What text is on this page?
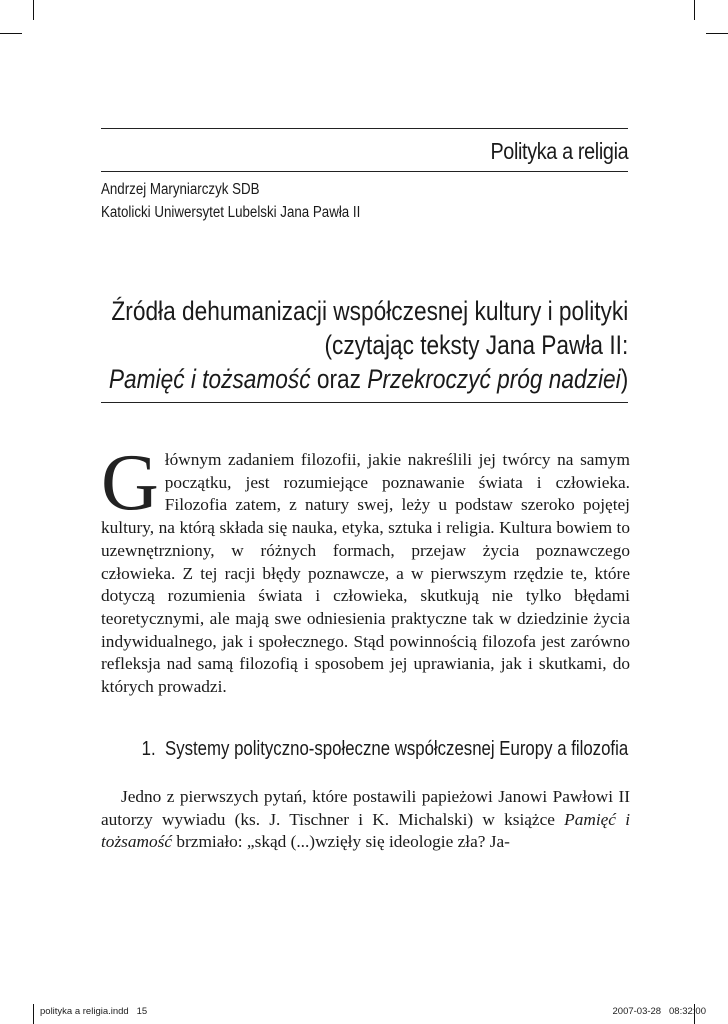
Polityka a religia
Andrzej Maryniarczyk SDB
Katolicki Uniwersytet Lubelski Jana Pawła II
Źródła dehumanizacji współczesnej kultury i polityki
(czytając teksty Jana Pawła II:
Pamięć i tożsamość oraz Przekroczyć próg nadziei)
Głównym zadaniem filozofii, jakie nakreślili jej twórcy na samym początku, jest rozumiejące poznawanie świata i człowieka. Filozofia zatem, z natury swej, leży u podstaw szeroko pojętej kultury, na którą składa się nauka, etyka, sztuka i religia. Kultura bowiem to uzewnętrzniony, w różnych formach, przejaw życia poznawczego człowieka. Z tej racji błędy poznawcze, a w pierwszym rzędzie te, które dotyczą rozumienia świata i człowieka, skutkują nie tylko błędami teoretycznymi, ale mają swe odniesienia praktyczne tak w dziedzinie życia indywidualnego, jak i społecznego. Stąd powinnością filozofa jest zarówno refleksja nad samą filozofią i sposobem jej uprawiania, jak i skutkami, do których prowadzi.
1.  Systemy polityczno-społeczne współczesnej Europy a filozofia
Jedno z pierwszych pytań, które postawili papieżowi Janowi Pawłowi II autorzy wywiadu (ks. J. Tischner i K. Michalski) w książce Pamięć i tożsamość brzmiało: „skąd (...)wzięły się ideologie zła? Ja-
polityka a religia.indd   15	2007-03-28   08:32:00
